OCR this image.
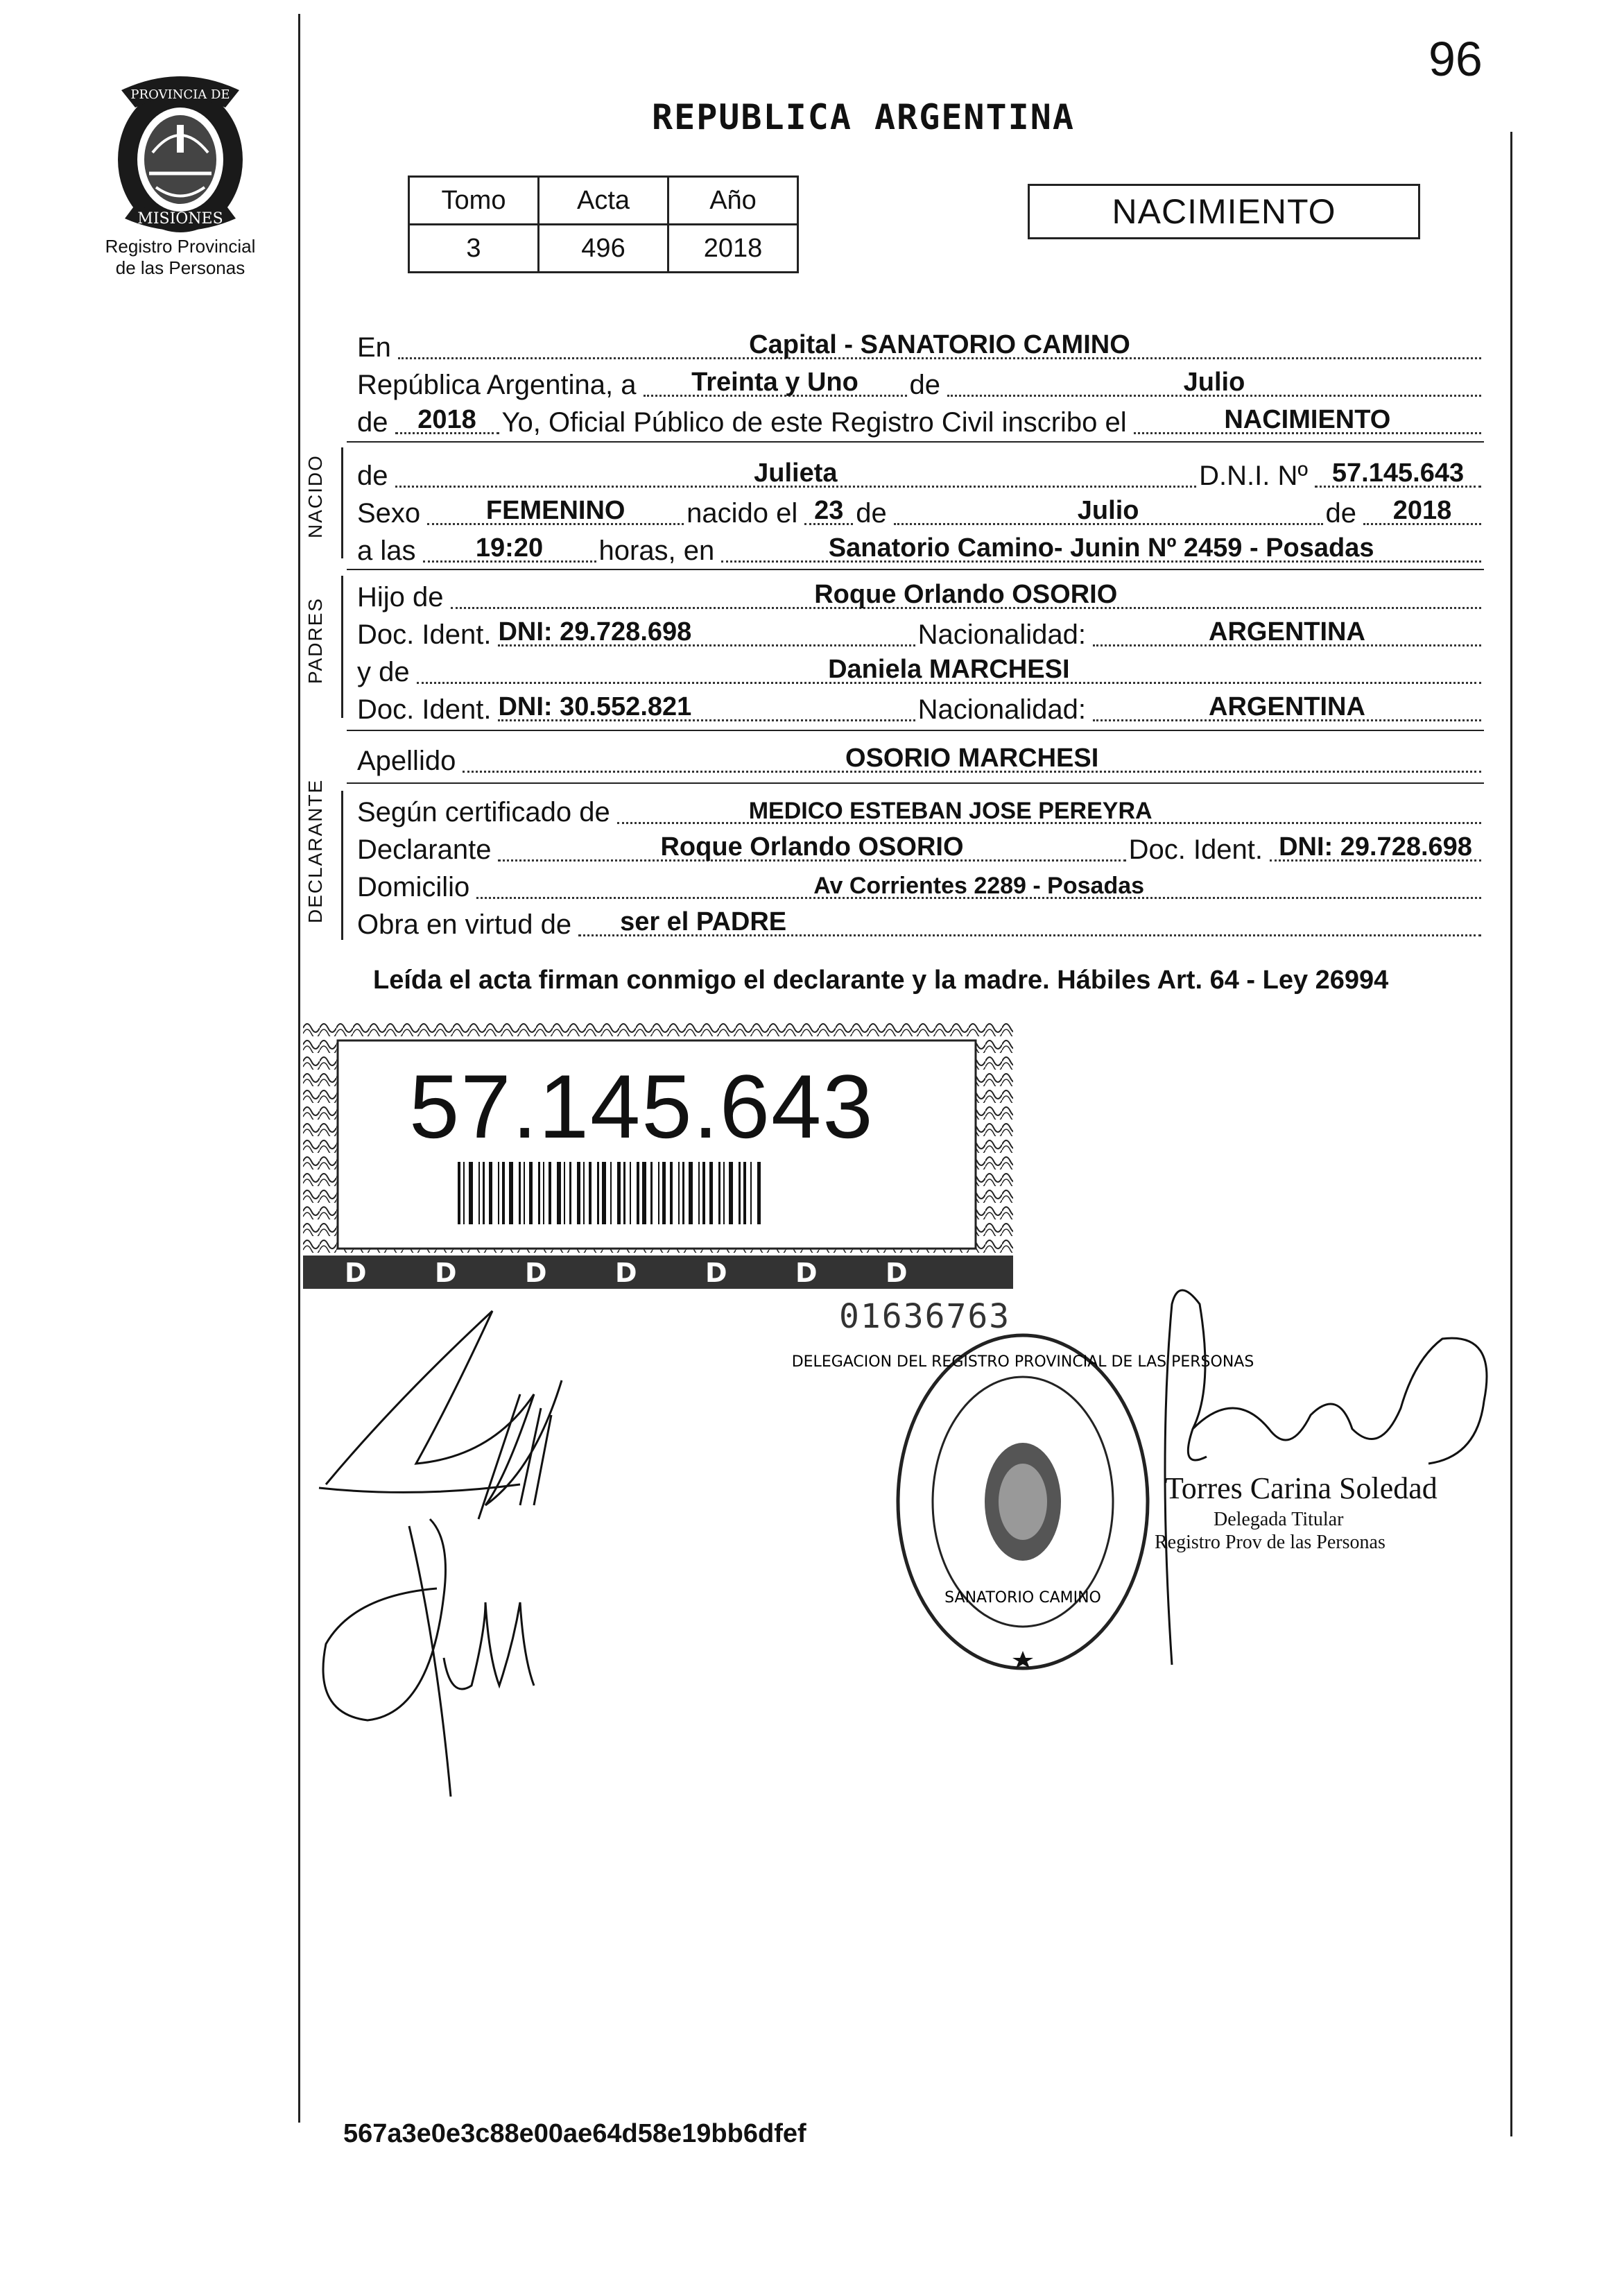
96
REPUBLICA ARGENTINA
PROVINCIA DE
MISIONES
Registro Provincial
de las Personas
Tomo	Acta	Año
3	496	2018
NACIMIENTO
En	Capital - SANATORIO CAMINO
República Argentina, a	Treinta y Uno	de	Julio
de	2018 Yo, Oficial Público de este Registro Civil inscribo el	NACIMIENTO
NACIDO de	Julieta	D.N.I. Nº 57.145.643
Sexo	FEMENINO	nacido el 23 de	Julio	de	2018
a las	19:20	horas, en	Sanatorio Camino- Junin Nº 2459 - Posadas
PADRES Hijo de	Roque Orlando OSORIO
Doc. Ident. DNI: 29.728.698	Nacionalidad:	ARGENTINA
y de	Daniela MARCHESI
Doc. Ident. DNI: 30.552.821	Nacionalidad:	ARGENTINA
Apellido	OSORIO MARCHESI
DECLARANTE Según certificado de	MEDICO ESTEBAN JOSE PEREYRA
Declarante	Roque Orlando OSORIO	Doc. Ident. DNI: 29.728.698
Domicilio	Av Corrientes 2289 - Posadas
Obra en virtud de	ser el PADRE
Leída el acta firman conmigo el declarante y la madre. Hábiles Art. 64 - Ley 26994
D	D	D	D	D	D	D
57.145.643
01636763
DELEGACION DEL REGISTRO PROVINCIAL DE LAS PERSONAS
SANATORIO CAMINO
Torres Carina Soledad
Delegada Titular
Registro Prov de las Personas
567a3e0e3c88e00ae64d58e19bb6dfef
